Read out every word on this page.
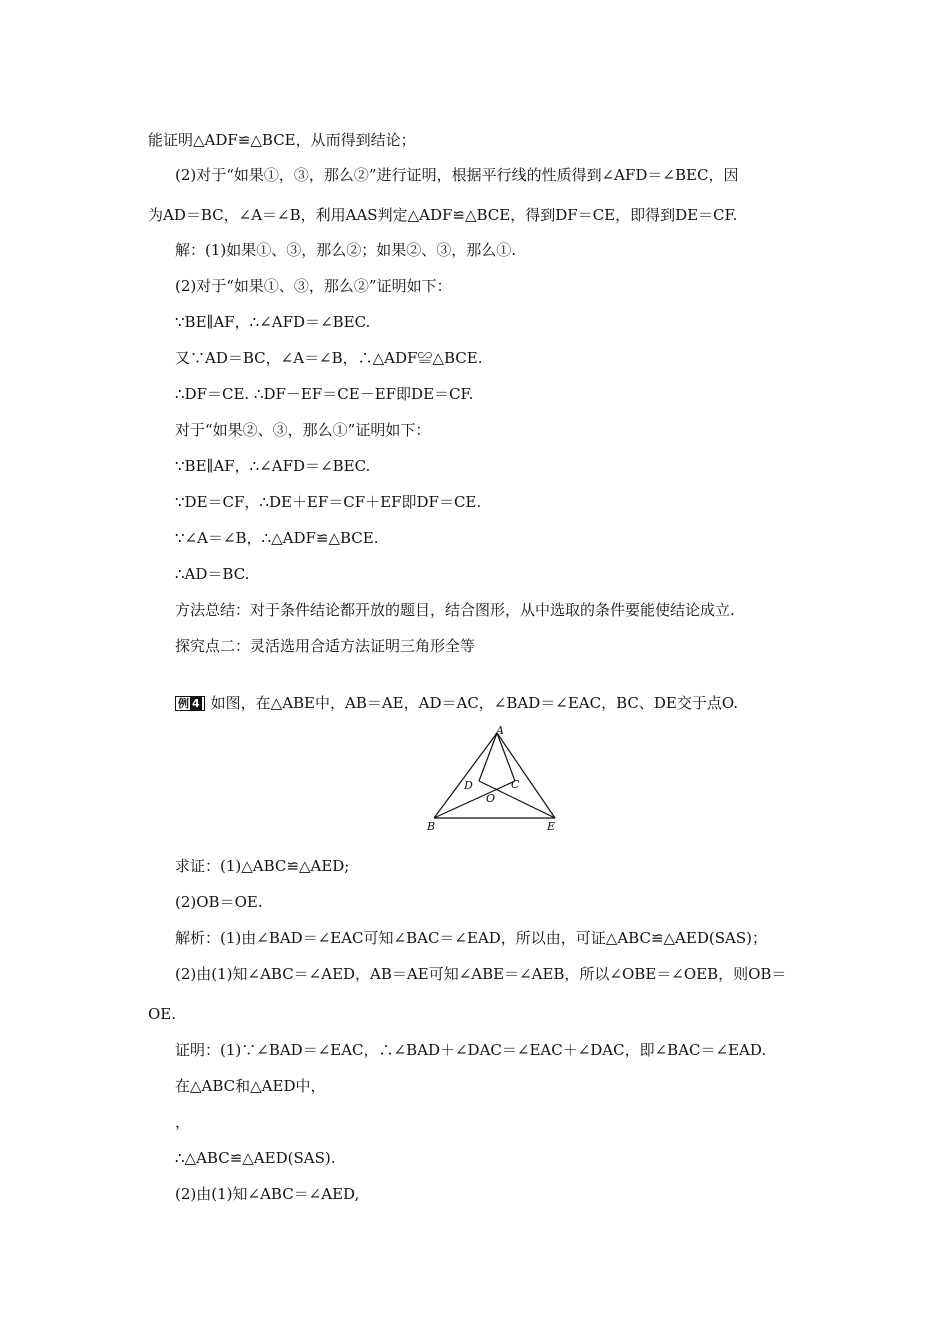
能证明△ADF≌△BCE，从而得到结论；
(2)对于“如果①，③，那么②”进行证明，根据平行线的性质得到∠AFD＝∠BEC，因
为AD＝BC，∠A＝∠B，利用AAS判定△ADF≌△BCE，得到DF＝CE，即得到DE＝CF.
解：(1)如果①、③，那么②；如果②、③，那么①.
(2)对于“如果①、③，那么②”证明如下：
∵BE∥AF，∴∠AFD＝∠BEC.
又∵AD＝BC，∠A＝∠B，∴△ADF≌△BCE.
∴DF＝CE. ∴DF－EF＝CE－EF即DE＝CF.
对于“如果②、③，那么①”证明如下：
∵BE∥AF，∴∠AFD＝∠BEC.
∵DE＝CF，∴DE＋EF＝CF＋EF即DF＝CE.
∵∠A＝∠B，∴△ADF≌△BCE.
∴AD＝BC.
方法总结：对于条件结论都开放的题目，结合图形，从中选取的条件要能使结论成立.
探究点二：灵活选用合适方法证明三角形全等
例 4 如图，在△ABE中，AB＝AE，AD＝AC，∠BAD＝∠EAC，BC、DE交于点O.
A
B	E
D	C
O
求证：(1)△ABC≌△AED;
(2)OB＝OE.
解析：(1)由∠BAD＝∠EAC可知∠BAC＝∠EAD，所以由，可证△ABC≌△AED(SAS)；
(2)由(1)知∠ABC＝∠AED，AB＝AE可知∠ABE＝∠AEB，所以∠OBE＝∠OEB，则OB＝
OE.
证明：(1)∵∠BAD＝∠EAC，∴∠BAD＋∠DAC＝∠EAC＋∠DAC，即∠BAC＝∠EAD.
在△ABC和△AED中，
，
∴△ABC≌△AED(SAS).
(2)由(1)知∠ABC＝∠AED,
